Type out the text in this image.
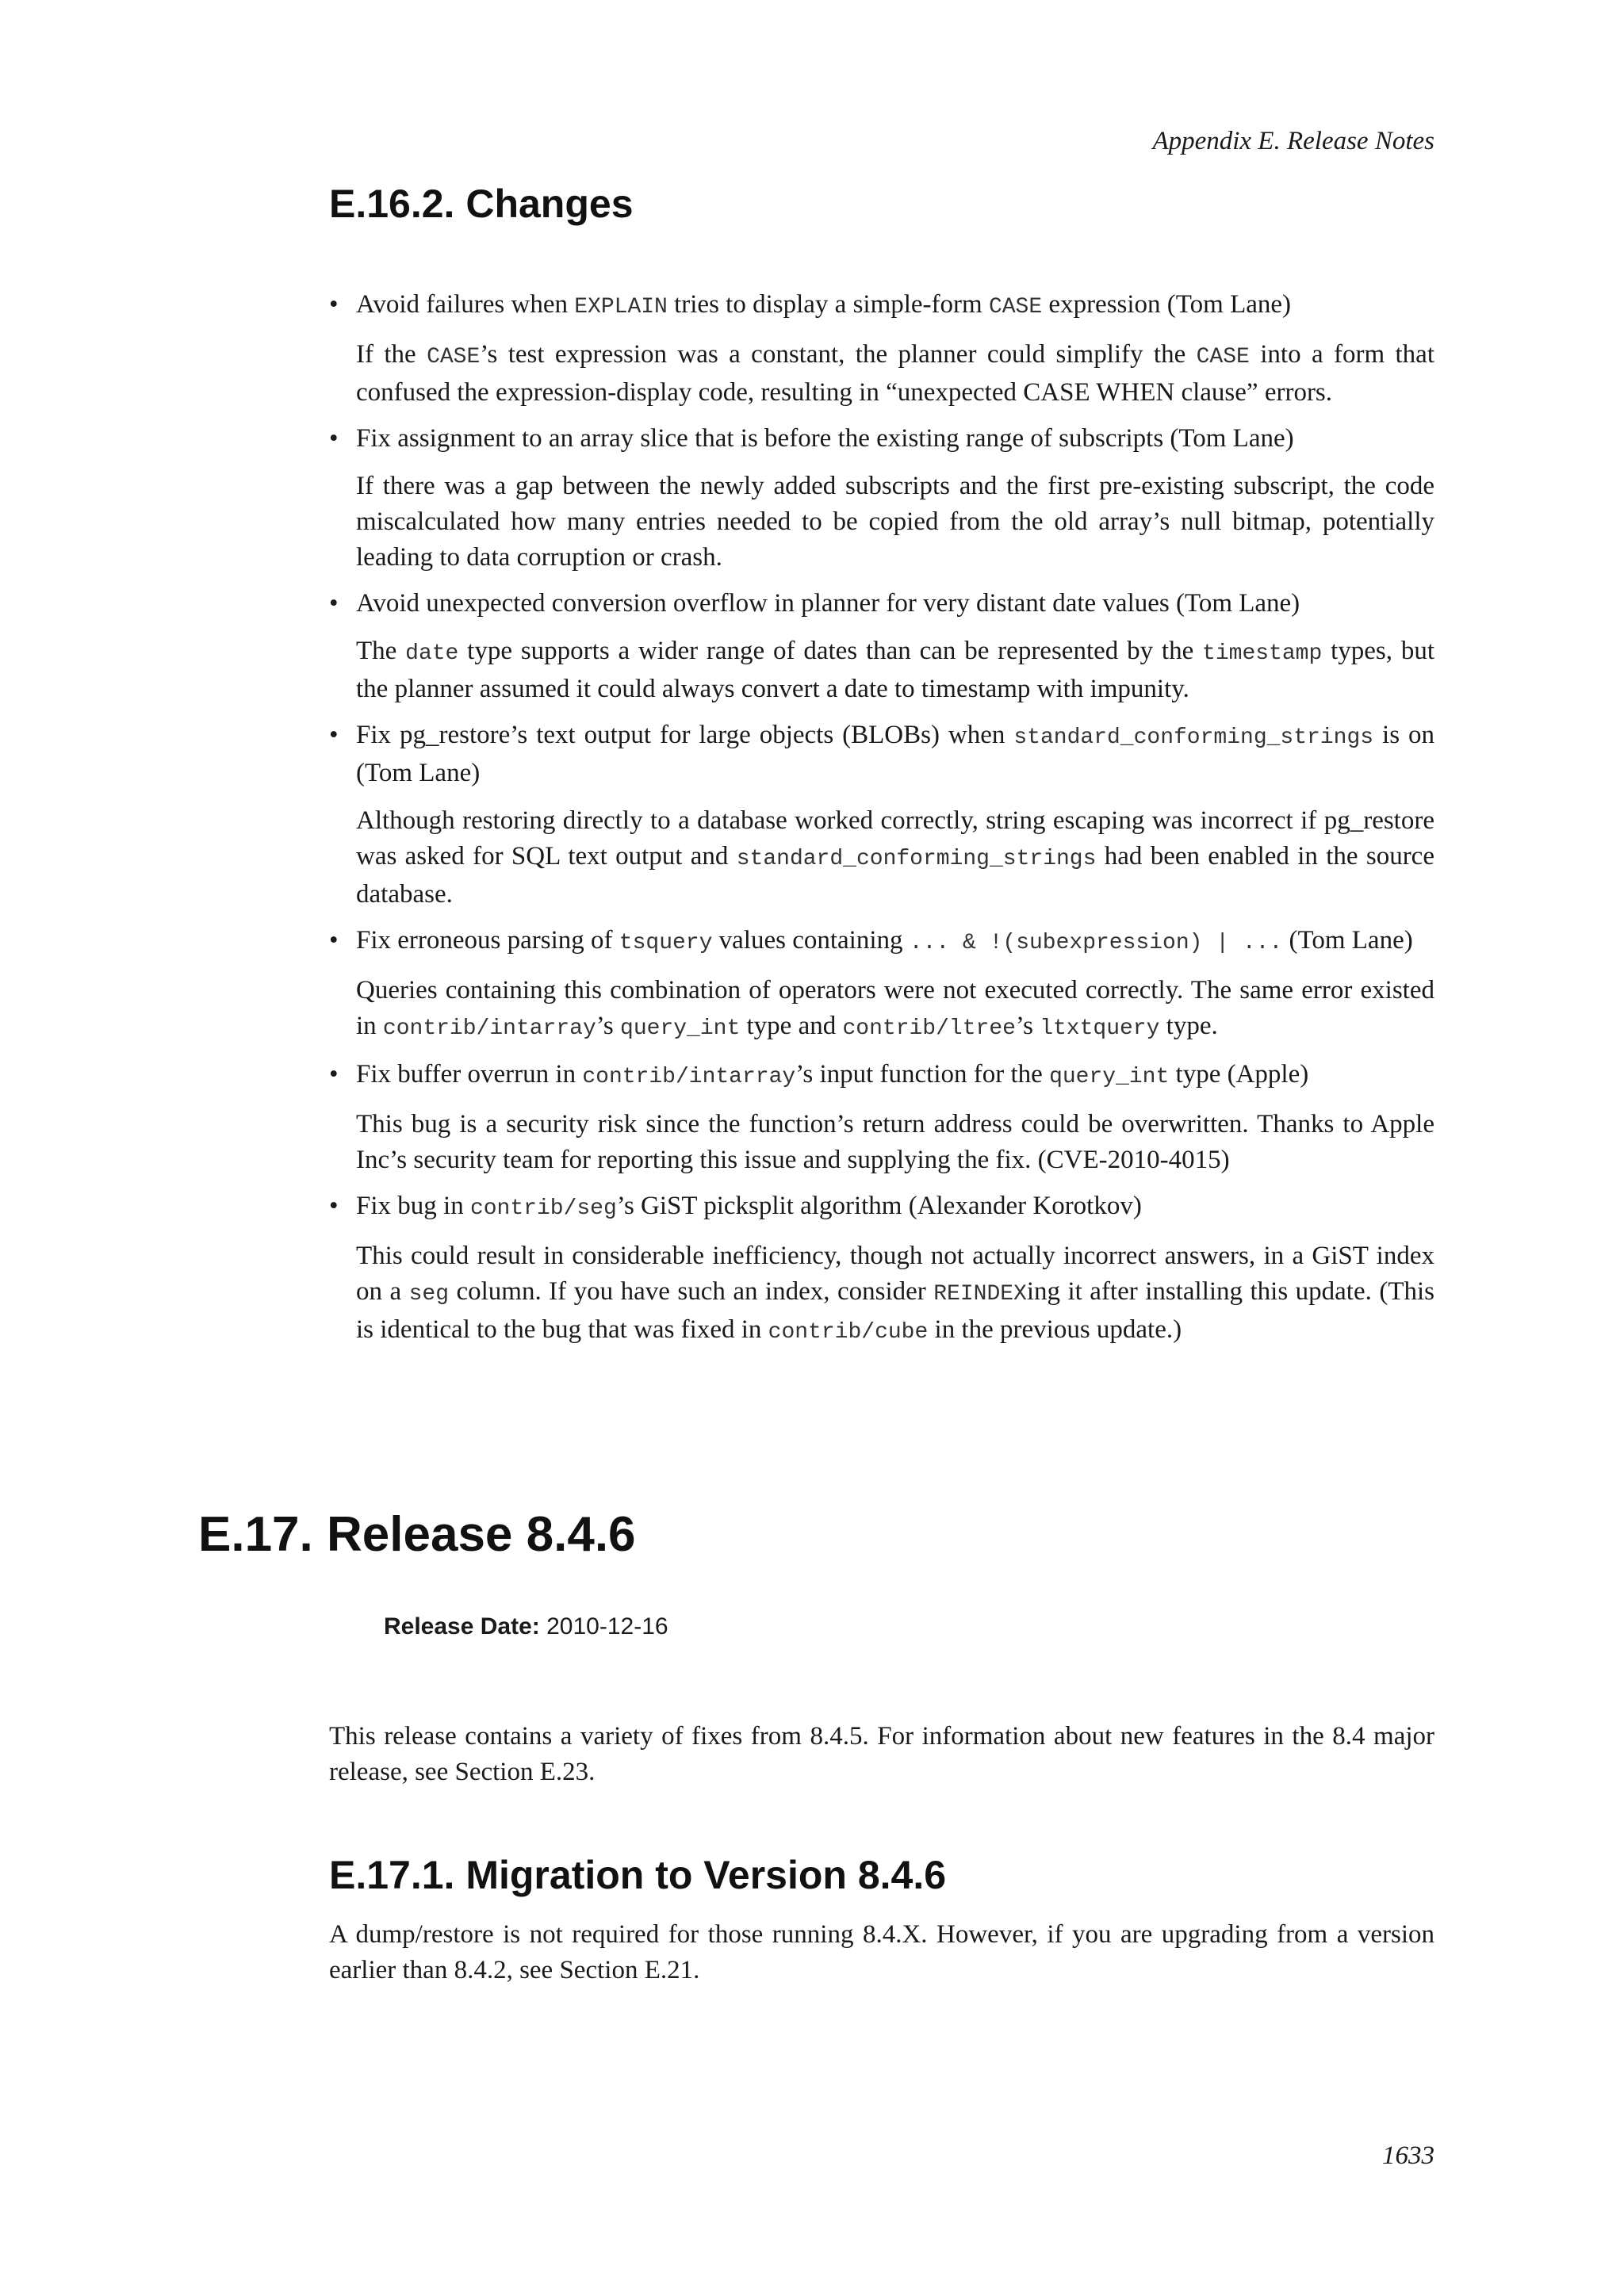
Appendix E. Release Notes
E.16.2. Changes
• Avoid failures when EXPLAIN tries to display a simple-form CASE expression (Tom Lane)

If the CASE’s test expression was a constant, the planner could simplify the CASE into a form that confused the expression-display code, resulting in “unexpected CASE WHEN clause” errors.

• Fix assignment to an array slice that is before the existing range of subscripts (Tom Lane)

If there was a gap between the newly added subscripts and the first pre-existing subscript, the code miscalculated how many entries needed to be copied from the old array’s null bitmap, potentially leading to data corruption or crash.

• Avoid unexpected conversion overflow in planner for very distant date values (Tom Lane)

The date type supports a wider range of dates than can be represented by the timestamp types, but the planner assumed it could always convert a date to timestamp with impunity.

• Fix pg_restore’s text output for large objects (BLOBs) when standard_conforming_strings is on (Tom Lane)

Although restoring directly to a database worked correctly, string escaping was incorrect if pg_restore was asked for SQL text output and standard_conforming_strings had been enabled in the source database.

• Fix erroneous parsing of tsquery values containing ... & !(subexpression) | ... (Tom Lane)

Queries containing this combination of operators were not executed correctly. The same error existed in contrib/intarray’s query_int type and contrib/ltree’s ltxtquery type.

• Fix buffer overrun in contrib/intarray’s input function for the query_int type (Apple)

This bug is a security risk since the function’s return address could be overwritten. Thanks to Apple Inc’s security team for reporting this issue and supplying the fix. (CVE-2010-4015)

• Fix bug in contrib/seg’s GiST picksplit algorithm (Alexander Korotkov)

This could result in considerable inefficiency, though not actually incorrect answers, in a GiST index on a seg column. If you have such an index, consider REINDEXing it after installing this update. (This is identical to the bug that was fixed in contrib/cube in the previous update.)

E.17. Release 8.4.6
Release Date: 2010-12-16

This release contains a variety of fixes from 8.4.5. For information about new features in the 8.4 major release, see Section E.23.

E.17.1. Migration to Version 8.4.6

A dump/restore is not required for those running 8.4.X. However, if you are upgrading from a version earlier than 8.4.2, see Section E.21.

1633
